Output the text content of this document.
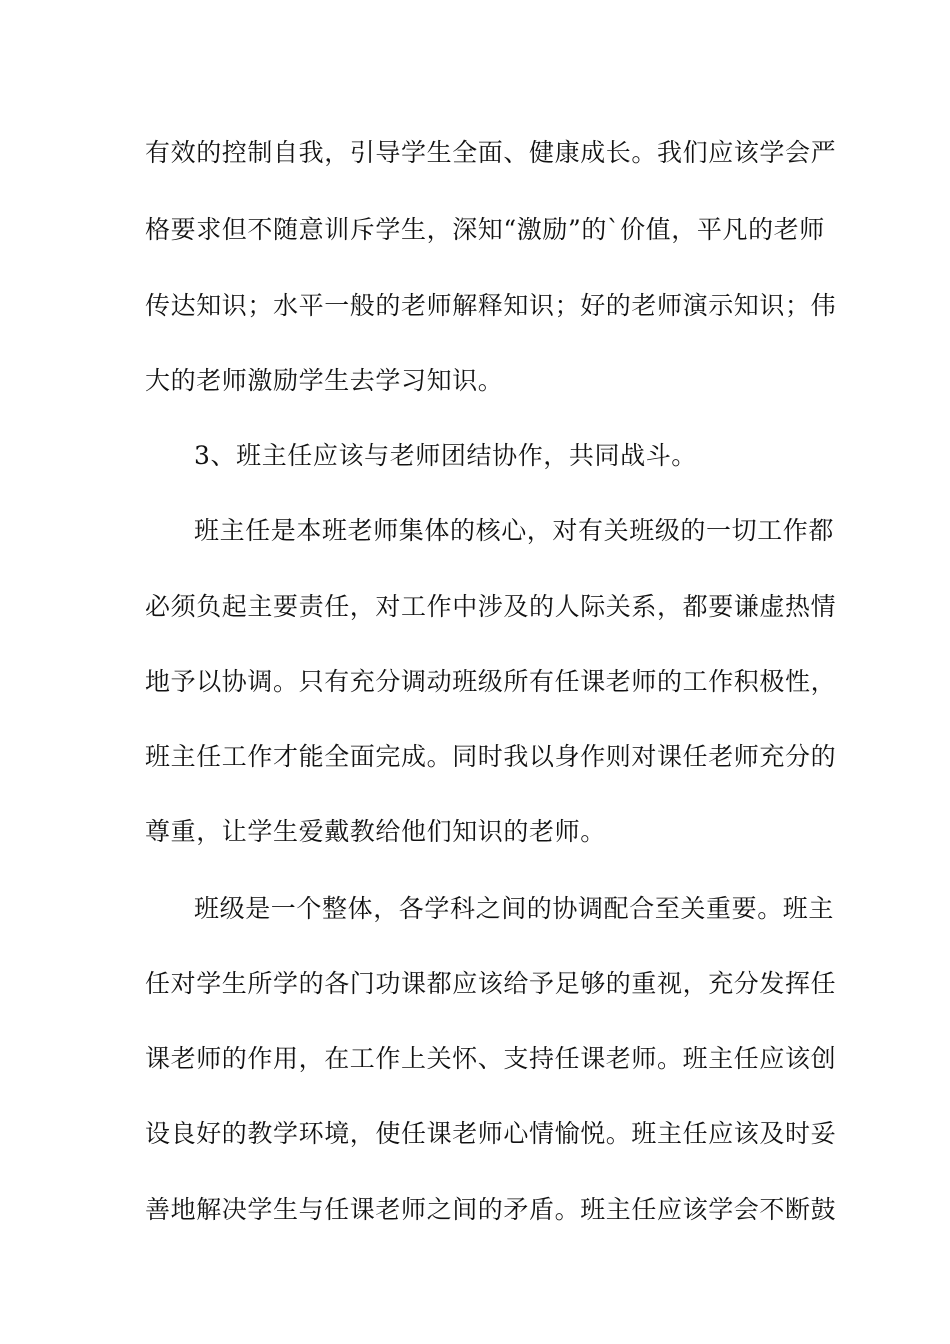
有效的控制自我，引导学生全面、健康成长。我们应该学会严
格要求但不随意训斥学生，深知“激励”的`价值，平凡的老师
传达知识；水平一般的老师解释知识；好的老师演示知识；伟
大的老师激励学生去学习知识。
3、班主任应该与老师团结协作，共同战斗。
班主任是本班老师集体的核心，对有关班级的一切工作都
必须负起主要责任，对工作中涉及的人际关系，都要谦虚热情
地予以协调。只有充分调动班级所有任课老师的工作积极性，
班主任工作才能全面完成。同时我以身作则对课任老师充分的
尊重，让学生爱戴教给他们知识的老师。
班级是一个整体，各学科之间的协调配合至关重要。班主
任对学生所学的各门功课都应该给予足够的重视，充分发挥任
课老师的作用，在工作上关怀、支持任课老师。班主任应该创
设良好的教学环境，使任课老师心情愉悦。班主任应该及时妥
善地解决学生与任课老师之间的矛盾。班主任应该学会不断鼓
